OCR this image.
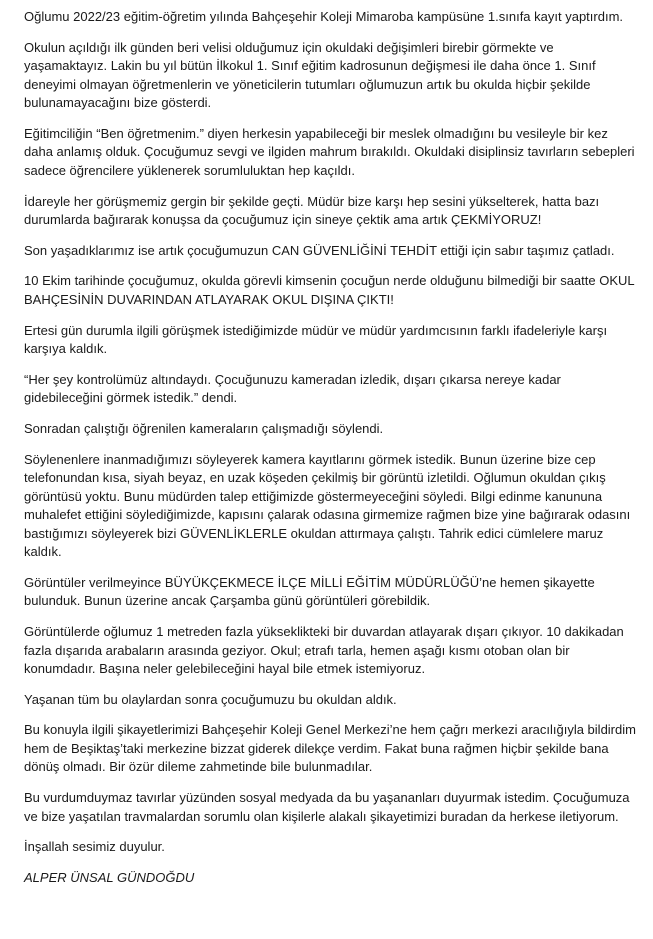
Oğlumu 2022/23 eğitim-öğretim yılında Bahçeşehir Koleji Mimaroba kampüsüne 1.sınıfa kayıt yaptırdım.

Okulun açıldığı ilk günden beri velisi olduğumuz için okuldaki değişimleri birebir görmekte ve yaşamaktayız. Lakin bu yıl bütün İlkokul 1. Sınıf eğitim kadrosunun değişmesi ile daha önce 1. Sınıf deneyimi olmayan öğretmenlerin ve yöneticilerin tutumları oğlumuzun artık bu okulda hiçbir şekilde bulunamayacağını bize gösterdi.

Eğitimciliğin “Ben öğretmenim.” diyen herkesin yapabileceği bir meslek olmadığını bu vesileyle bir kez daha anlamış olduk. Çocuğumuz sevgi ve ilgiden mahrum bırakıldı. Okuldaki disiplinsiz tavırların sebepleri sadece öğrencilere yüklenerek sorumluluktan hep kaçıldı.

İdareyle her görüşmemiz gergin bir şekilde geçti. Müdür bize karşı hep sesini yükselterek, hatta bazı durumlarda bağırarak konuşsa da çocuğumuz için sineye çektik ama artık ÇEKMİYORUZ!

Son yaşadıklarımız ise artık çocuğumuzun CAN GÜVENLİĞİNİ TEHDİT ettiği için sabır taşımız çatladı.

10 Ekim tarihinde çocuğumuz, okulda görevli kimsenin çocuğun nerde olduğunu bilmediği bir saatte OKUL BAHÇESİNİN DUVARINDAN ATLAYARAK OKUL DIŞINA ÇIKTI!

Ertesi gün durumla ilgili görüşmek istediğimizde müdür ve müdür yardımcısının farklı ifadeleriyle karşı karşıya kaldık.

“Her şey kontrolümüz altındaydı. Çocuğunuzu kameradan izledik, dışarı çıkarsa nereye kadar gidebileceğini görmek istedik.” dendi.

Sonradan çalıştığı öğrenilen kameraların çalışmadığı söylendi.

Söylenenlere inanmadığımızı söyleyerek kamera kayıtlarını görmek istedik. Bunun üzerine bize cep telefonundan kısa, siyah beyaz, en uzak köşeden çekilmiş bir görüntü izletildi. Oğlumun okuldan çıkış görüntüsü yoktu. Bunu müdürden talep ettiğimizde göstermeyeceğini söyledi. Bilgi edinme kanununa muhalefet ettiğini söylediğimizde, kapısını çalarak odasına girmemize rağmen bize yine bağırarak odasını bastığımızı söyleyerek bizi GÜVENLİKLERLE okuldan attırmaya çalıştı. Tahrik edici cümlelere maruz kaldık.

Görüntüler verilmeyince BÜYÜKÇEKMECE İLÇE MİLLİ EĞİTİM MÜDÜRLÜĞÜ’ne hemen şikayette bulunduk. Bunun üzerine ancak Çarşamba günü görüntüleri görebildik.

Görüntülerde oğlumuz 1 metreden fazla yükseklikteki bir duvardan atlayarak dışarı çıkıyor. 10 dakikadan fazla dışarıda arabaların arasında geziyor. Okul; etrafı tarla, hemen aşağı kısmı otoban olan bir konumdadır. Başına neler gelebileceğini hayal bile etmek istemiyoruz.

Yaşanan tüm bu olaylardan sonra çocuğumuzu bu okuldan aldık.

Bu konuyla ilgili şikayetlerimizi Bahçeşehir Koleji Genel Merkezi’ne hem çağrı merkezi aracılığıyla bildirdim hem de Beşiktaş’taki merkezine bizzat giderek dilekçe verdim. Fakat buna rağmen hiçbir şekilde bana dönüş olmadı. Bir özür dileme zahmetinde bile bulunmadılar.

Bu vurdumduymaz tavırlar yüzünden sosyal medyada da bu yaşananları duyurmak istedim. Çocuğumuza ve bize yaşatılan travmalardan sorumlu olan kişilerle alakalı şikayetimizi buradan da herkese iletiyorum.

İnşallah sesimiz duyulur.

ALPER ÜNSAL GÜNDOĞDU
